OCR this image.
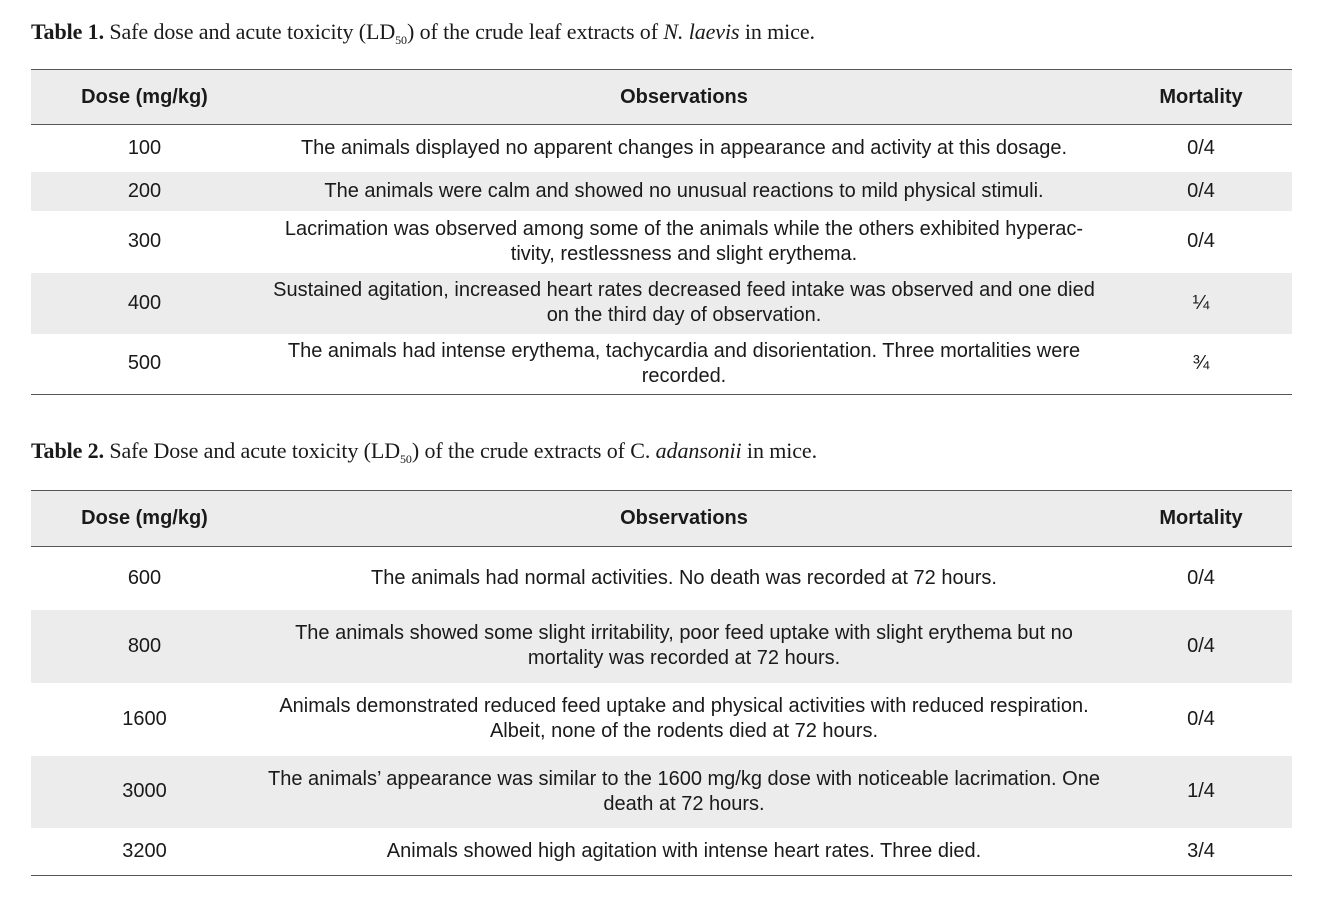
Table 1. Safe dose and acute toxicity $(LD_{50})$ of the crude leaf extracts of N. laevis in mice.
Dose (mg/kg)	Observations	Mortality
100	The animals displayed no apparent changes in appearance and activity at this dosage.	0/4
200	The animals were calm and showed no unusual reactions to mild physical stimuli.	0/4
300	Lacrimation was observed among some of the animals while the others exhibited hyperac-tivity, restlessness and slight erythema.	0/4
400	Sustained agitation, increased heart rates decreased feed intake was observed and one died on the third day of observation.	¼
500	The animals had intense erythema, tachycardia and disorientation. Three mortalities were recorded.	¾
Table 2. Safe Dose and acute toxicity $(LD_{50})$ of the crude extracts of C. adansonii in mice.
Dose (mg/kg)	Observations	Mortality
600	The animals had normal activities. No death was recorded at 72 hours.	0/4
800	The animals showed some slight irritability, poor feed uptake with slight erythema but no mortality was recorded at 72 hours.	0/4
1600	Animals demonstrated reduced feed uptake and physical activities with reduced respiration. Albeit, none of the rodents died at 72 hours.	0/4
3000	The animals’ appearance was similar to the 1600 mg/kg dose with noticeable lacrimation. One death at 72 hours.	1/4
3200	Animals showed high agitation with intense heart rates. Three died.	3/4
